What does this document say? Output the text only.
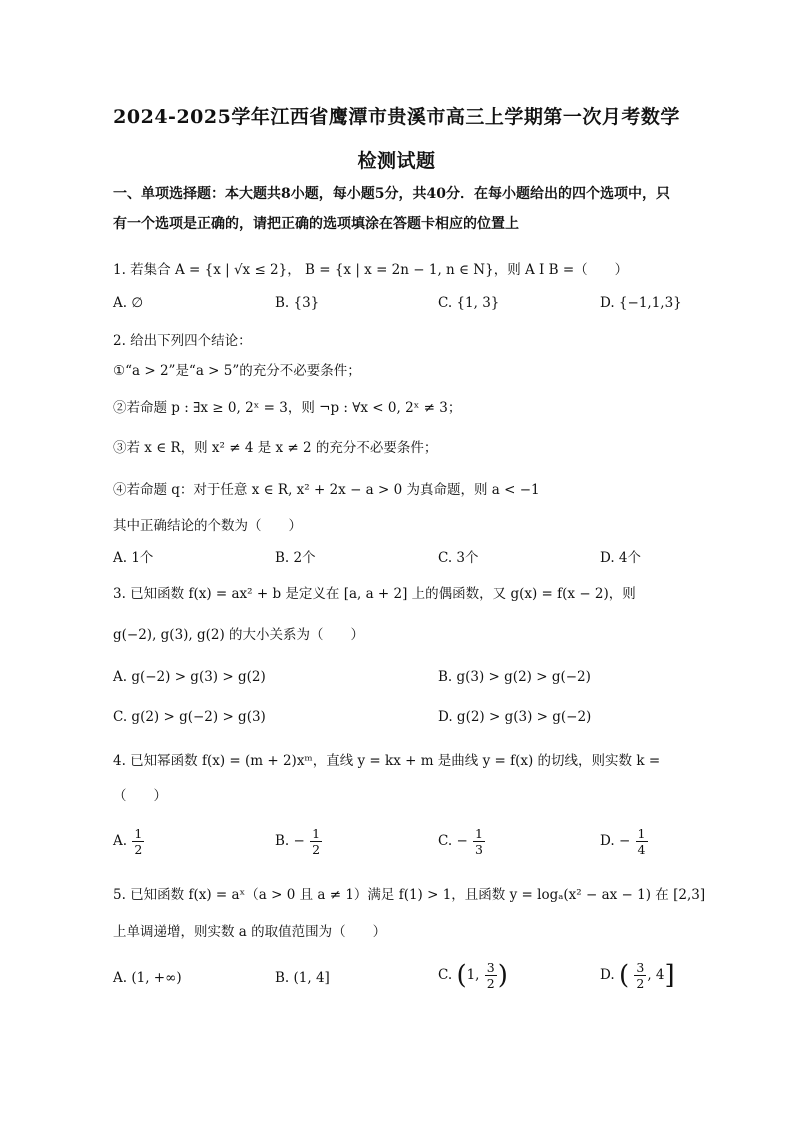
2024-2025学年江西省鹰潭市贵溪市高三上学期第一次月考数学
检测试题
一、单项选择题：本大题共8小题，每小题5分，共40分．在每小题给出的四个选项中，只有一个选项是正确的，请把正确的选项填涂在答题卡相应的位置上
1. 若集合 A = {x | √x ≤ 2}， B = {x | x = 2n − 1, n ∈ N}，则 A I B =（　　）
A. ∅	B. {3}	C. {1, 3}	D. {−1,1,3}
2. 给出下列四个结论：
①“a > 2”是“a > 5”的充分不必要条件；
②若命题 p : ∃x ≥ 0, 2ˣ = 3，则 ¬p : ∀x < 0, 2ˣ ≠ 3；
③若 x ∈ R，则 x² ≠ 4 是 x ≠ 2 的充分不必要条件；
④若命题 q：对于任意 x ∈ R, x² + 2x − a > 0 为真命题，则 a < −1
其中正确结论的个数为（　　）
A. 1个	B. 2个	C. 3个	D. 4个
3. 已知函数 f(x) = ax² + b 是定义在 [a, a + 2] 上的偶函数，又 g(x) = f(x − 2)，则
g(−2), g(3), g(2) 的大小关系为（　　）
A. g(−2) > g(3) > g(2)	B. g(3) > g(2) > g(−2)
C. g(2) > g(−2) > g(3)	D. g(2) > g(3) > g(−2)
4. 已知幂函数 f(x) = (m + 2)xᵐ，直线 y = kx + m 是曲线 y = f(x) 的切线，则实数 k =
（　　）
A. $\frac{1}{2}$	B. − $\frac{1}{2}$	C. − $\frac{1}{3}$	D. − $\frac{1}{4}$
5. 已知函数 f(x) = aˣ（a > 0 且 a ≠ 1）满足 f(1) > 1，且函数 y = logₐ(x² − ax − 1) 在 [2,3]
上单调递增，则实数 a 的取值范围为（　　）
A. (1, +∞)	B. (1, 4]	C. (1, $\frac{3}{2}$ )	D. ( $\frac{3}{2}$ , 4]
